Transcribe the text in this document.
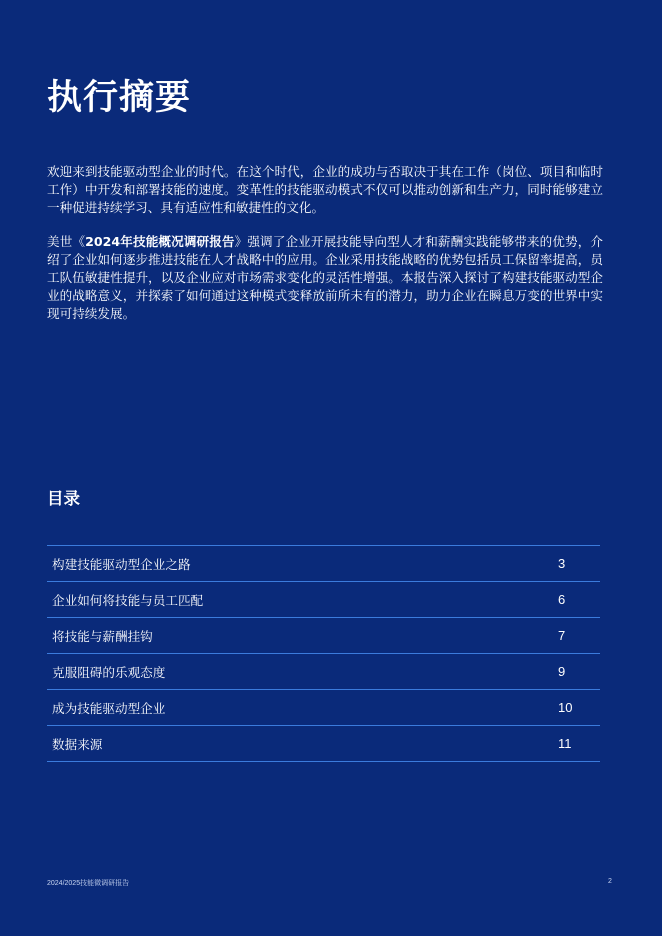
执行摘要

欢迎来到技能驱动型企业的时代。在这个时代，企业的成功与否取决于其在工作（岗位、项目和临时工作）中开发和部署技能的速度。变革性的技能驱动模式不仅可以推动创新和生产力，同时能够建立一种促进持续学习、具有适应性和敏捷性的文化。

美世《2024年技能概况调研报告》强调了企业开展技能导向型人才和薪酬实践能够带来的优势，介绍了企业如何逐步推进技能在人才战略中的应用。企业采用技能战略的优势包括员工保留率提高，员工队伍敏捷性提升，以及企业应对市场需求变化的灵活性增强。本报告深入探讨了构建技能驱动型企业的战略意义，并探索了如何通过这种模式变释放前所未有的潜力，助力企业在瞬息万变的世界中实现可持续发展。

目录
构建技能驱动型企业之路	3
企业如何将技能与员工匹配	6
将技能与薪酬挂钩	7
克服阻碍的乐观态度	9
成为技能驱动型企业	10
数据来源	11
2024/2025技能微调研报告	2
